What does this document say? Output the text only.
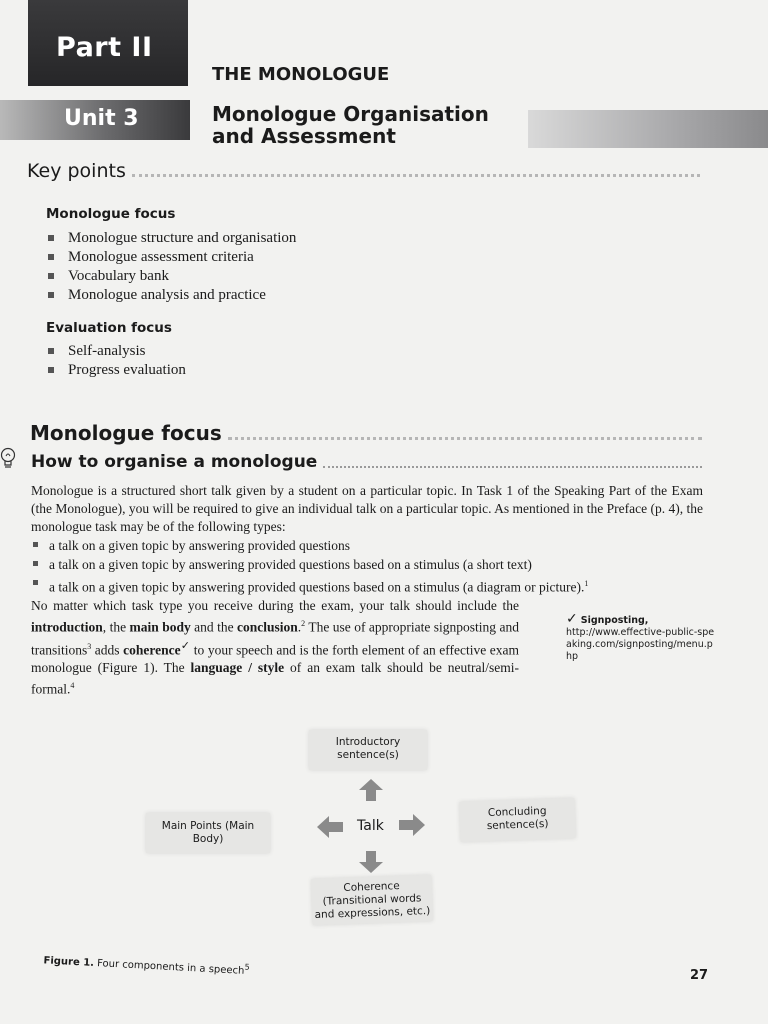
Part II
THE MONOLOGUE
Unit 3	Monologue Organisation and Assessment
Key points
Monologue focus
Monologue structure and organisation
Monologue assessment criteria
Vocabulary bank
Monologue analysis and practice
Evaluation focus
Self-analysis
Progress evaluation
Monologue focus
How to organise a monologue
Monologue is a structured short talk given by a student on a particular topic. In Task 1 of the Speaking Part of the Exam (the Monologue), you will be required to give an individual talk on a particular topic. As mentioned in the Preface (p. 4), the monologue task may be of the following types:
a talk on a given topic by answering provided questions
a talk on a given topic by answering provided questions based on a stimulus (a short text)
a talk on a given topic by answering provided questions based on a stimulus (a diagram or picture).$^1$
No matter which task type you receive during the exam, your talk should include the introduction, the main body and the conclusion.$^2$ The use of appropriate signposting and transitions$^3$ adds coherence✓ to your speech and is the forth element of an effective exam monologue (Figure 1). The language / style of an exam talk should be neutral/semi-formal.$^4$
✓ Signposting,
http://www.effective-public-speaking.com/signposting/menu.php
Introductory sentence(s)
Main Points (Main Body)
Concluding sentence(s)
Coherence (Transitional words and expressions, etc.)
Talk
Figure 1. Four components in a speech$^5$
27
